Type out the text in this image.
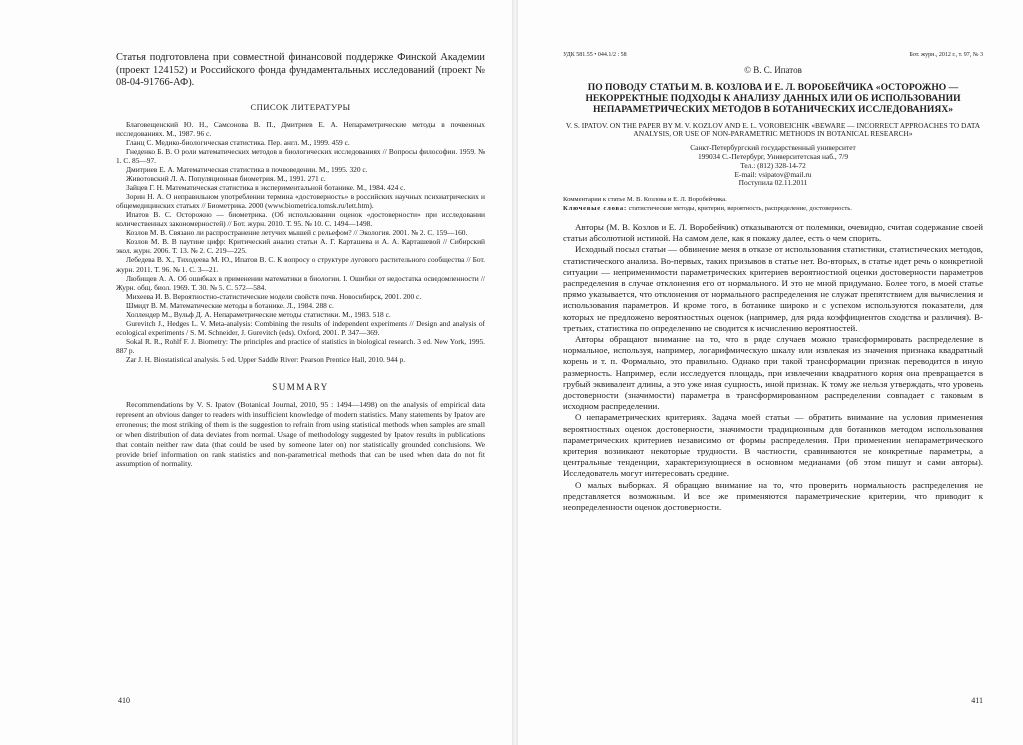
Статья подготовлена при совместной финансовой поддержке Финской Академии (проект 124152) и Российского фонда фундаментальных исследований (проект № 08-04-91766-АФ).

СПИСОК ЛИТЕРАТУРЫ
Благовещенский Ю. Н., Самсонова В. П., Дмитриев Е. А. Непараметрические методы в почвенных исследованиях. М., 1987. 96 с.
Гланц С. Медико-биологическая статистика. Пер. англ. М., 1999. 459 с.
Гнеденко Б. В. О роли математических методов в биологических исследованиях // Вопросы философии. 1959. № 1. С. 85—97.
Дмитриев Е. А. Математическая статистика в почвоведении. М., 1995. 320 с.
Животовский Л. А. Популяционная биометрия. М., 1991. 271 с.
Зайцев Г. Н. Математическая статистика в экспериментальной ботанике. М., 1984. 424 с.
Зорин Н. А. О неправильном употреблении термина «достоверность» в российских научных психиатрических и общемедицинских статьях // Биометрика. 2000 (www.biometrica.tomsk.ru/lett.htm).
Ипатов В. С. Осторожно — биометрика. (Об использовании оценок «достоверности» при исследовании количественных закономерностей) // Бот. журн. 2010. Т. 95. № 10. С. 1494—1498.
Козлов М. В. Связано ли распространение летучих мышей с рельефом? // Экология. 2001. № 2. С. 159—160.
Козлов М. В. В паутине цифр: Критический анализ статьи А. Г. Карташева и А. А. Карташевой // Сибирский экол. журн. 2006. Т. 13. № 2. С. 219—225.
Лебедева В. Х., Тиходеева М. Ю., Ипатов В. С. К вопросу о структуре лугового растительного сообщества // Бот. журн. 2011. Т. 96. № 1. С. 3—21.
Любищев А. А. Об ошибках в применении математики в биологии. I. Ошибки от недостатка осведомленности // Журн. общ. биол. 1969. Т. 30. № 5. С. 572—584.
Михеева И. В. Вероятностно-статистические модели свойств почв. Новосибирск, 2001. 200 с.
Шмидт В. М. Математические методы в ботанике. Л., 1984. 288 с.
Холлендер М., Вульф Д. А. Непараметрические методы статистики. М., 1983. 518 с.
Gurevitch J., Hedges L. V. Meta-analysis: Combining the results of independent experiments // Design and analysis of ecological experiments / S. M. Schneider, J. Gurevitch (eds). Oxford, 2001. P. 347—369.
Sokal R. R., Rohlf F. J. Biometry: The principles and practice of statistics in biological research. 3 ed. New York, 1995. 887 p.
Zar J. H. Biostatistical analysis. 5 ed. Upper Saddle River: Pearson Prentice Hall, 2010. 944 p.
SUMMARY

Recommendations by V. S. Ipatov (Botanical Journal, 2010, 95 : 1494—1498) on the analysis of empirical data represent an obvious danger to readers with insufficient knowledge of modern statistics. Many statements by Ipatov are erroneous; the most striking of them is the suggestion to refrain from using statistical methods when samples are small or when distribution of data deviates from normal. Usage of methodology suggested by Ipatov results in publications that contain neither raw data (that could be used by someone later on) nor statistically grounded conclusions. We provide brief information on rank statistics and non-parametrical methods that can be used when data do not fit assumption of normality.

410
УДК 581.55 • 044.1/2 : 58	Бот. журн., 2012 г., т. 97, № 3
© В. С. Ипатов
ПО ПОВОДУ СТАТЬИ М. В. КОЗЛОВА И Е. Л. ВОРОБЕЙЧИКА «ОСТОРОЖНО — НЕКОРРЕКТНЫЕ ПОДХОДЫ К АНАЛИЗУ ДАННЫХ ИЛИ ОБ ИСПОЛЬЗОВАНИИ НЕПАРАМЕТРИЧЕСКИХ МЕТОДОВ В БОТАНИЧЕСКИХ ИССЛЕДОВАНИЯХ»
V. S. IPATOV. ON THE PAPER BY M. V. KOZLOV AND E. L. VOROBEICHIK «BEWARE — INCORRECT APPROACHES TO DATA ANALYSIS, OR USE OF NON-PARAMETRIC METHODS IN BOTANICAL RESEARCH»
Санкт-Петербургский государственный университет
199034 С.-Петербург, Университетская наб., 7/9
Тел.: (812) 328-14-72
E-mail: vsipatov@mail.ru
Поступила 02.11.2011
Комментарии к статье М. В. Козлова и Е. Л. Воробейчика.
Ключевые слова: статистические методы, критерии, вероятность, распределение, достоверность.

Авторы (М. В. Козлов и Е. Л. Воробейчик) отказываются от полемики, очевидно, считая содержание своей статьи абсолютной истиной. На самом деле, как я покажу далее, есть о чем спорить.

Исходный посыл статьи — обвинение меня в отказе от использования статистики, статистических методов, статистического анализа. Во-первых, таких призывов в статье нет. Во-вторых, в статье идет речь о конкретной ситуации — неприменимости параметрических критериев вероятностной оценки достоверности параметров распределения в случае отклонения его от нормального. И это не мной придумано. Более того, в моей статье прямо указывается, что отклонения от нормального распределения не служат препятствием для вычисления и использования параметров. И кроме того, в ботанике широко и с успехом используются показатели, для которых не предложено вероятностных оценок (например, для ряда коэффициентов сходства и различия). В-третьих, статистика по определению не сводится к исчислению вероятностей.

Авторы обращают внимание на то, что в ряде случаев можно трансформировать распределение в нормальное, используя, например, логарифмическую шкалу или извлекая из значения признака квадратный корень и т. п. Формально, это правильно. Однако при такой трансформации признак переводится в иную размерность. Например, если исследуется площадь, при извлечении квадратного корня она превращается в грубый эквивалент длины, а это уже иная сущность, иной признак. К тому же нельзя утверждать, что уровень достоверности (значимости) параметра в трансформированном распределении совпадает с таковым в исходном распределении.

О непараметрических критериях. Задача моей статьи — обратить внимание на условия применения вероятностных оценок достоверности, значимости традиционным для ботаников методом использования параметрических критериев независимо от формы распределения. При применении непараметрического критерия возникают некоторые трудности. В частности, сравниваются не конкретные параметры, а центральные тенденции, характеризующиеся в основном медианами (об этом пишут и сами авторы). Исследователь могут интересовать средние.

О малых выборках. Я обращаю внимание на то, что проверить нормальность распределения не представляется возможным. И все же применяются параметрические критерии, что приводит к неопределенности оценок достоверности.

411
